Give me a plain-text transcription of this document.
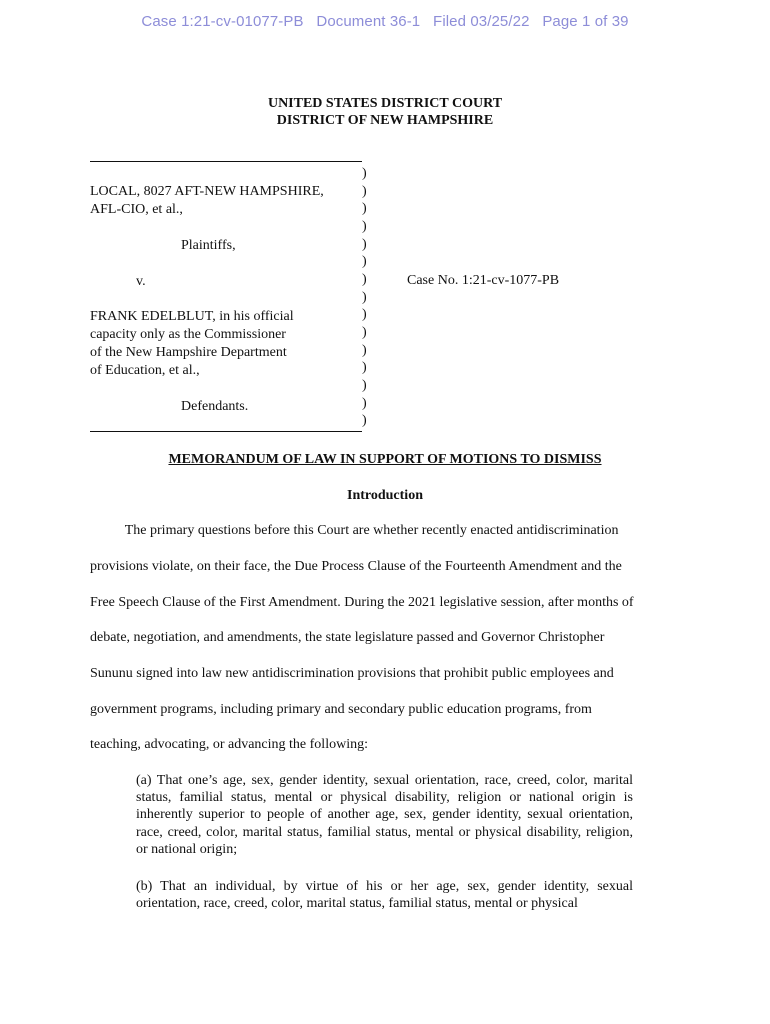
Case 1:21-cv-01077-PB   Document 36-1   Filed 03/25/22   Page 1 of 39
UNITED STATES DISTRICT COURT
DISTRICT OF NEW HAMPSHIRE
LOCAL, 8027 AFT-NEW HAMPSHIRE,
AFL-CIO, et al.,
Plaintiffs,
v.
FRANK EDELBLUT, in his official
capacity only as the Commissioner
of the New Hampshire Department
of Education, et al.,
Defendants.
)
)
)
)
)
)
)
)
)
)
)
)
)
)
)
Case No. 1:21-cv-1077-PB
MEMORANDUM OF LAW IN SUPPORT OF MOTIONS TO DISMISS
Introduction
The primary questions before this Court are whether recently enacted antidiscrimination
provisions violate, on their face, the Due Process Clause of the Fourteenth Amendment and the
Free Speech Clause of the First Amendment. During the 2021 legislative session, after months of
debate, negotiation, and amendments, the state legislature passed and Governor Christopher
Sununu signed into law new antidiscrimination provisions that prohibit public employees and
government programs, including primary and secondary public education programs, from
teaching, advocating, or advancing the following:
(a) That one’s age, sex, gender identity, sexual orientation, race, creed, color, marital status, familial status, mental or physical disability, religion or national origin is inherently superior to people of another age, sex, gender identity, sexual orientation, race, creed, color, marital status, familial status, mental or physical disability, religion, or national origin;
(b) That an individual, by virtue of his or her age, sex, gender identity, sexual orientation, race, creed, color, marital status, familial status, mental or physical
